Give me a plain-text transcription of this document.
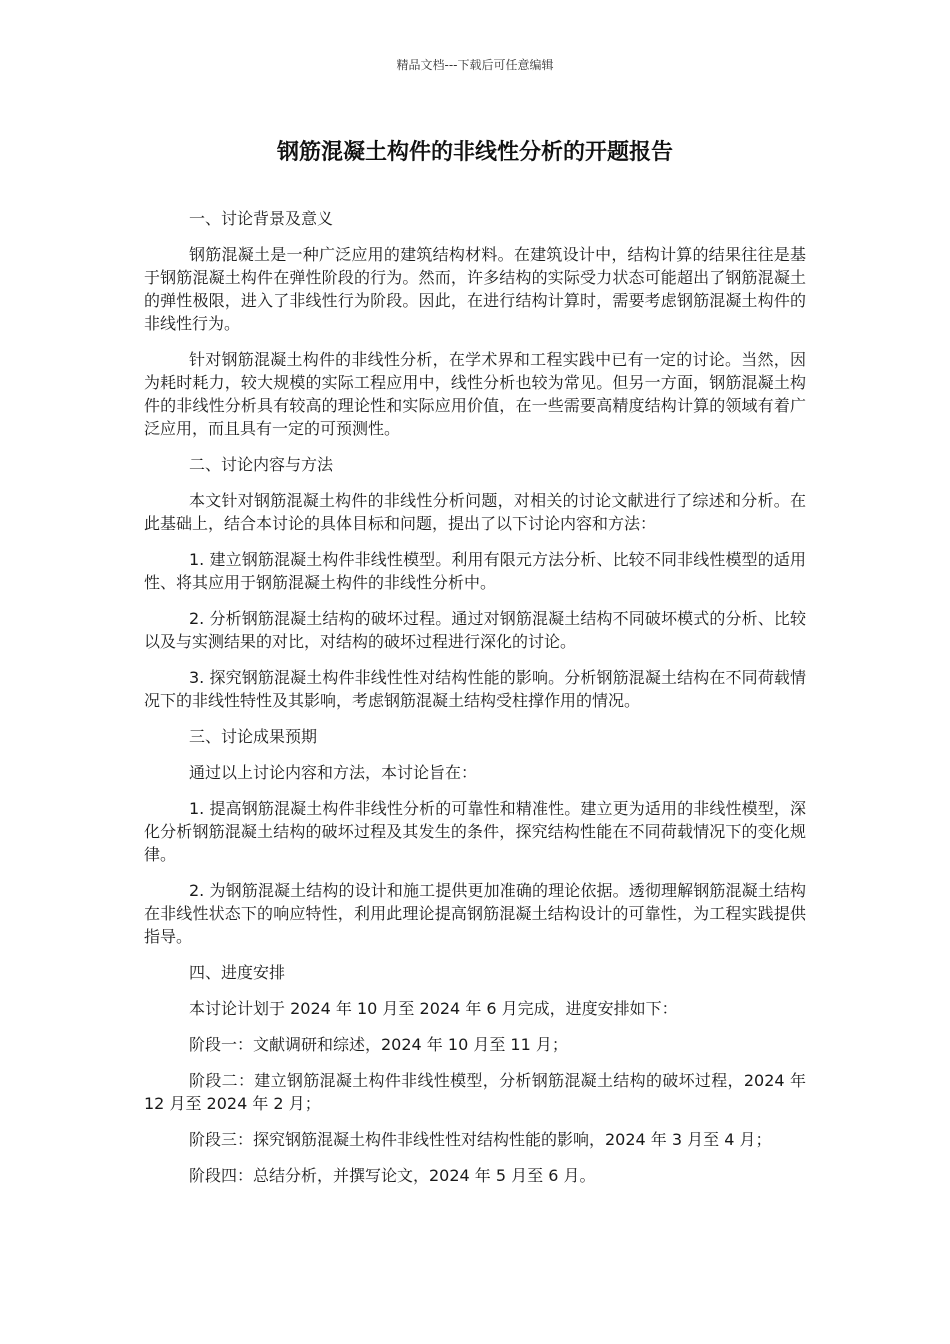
精品文档---下载后可任意编辑
钢筋混凝土构件的非线性分析的开题报告

一、讨论背景及意义

钢筋混凝土是一种广泛应用的建筑结构材料。在建筑设计中，结构计算的结果往往是基于钢筋混凝土构件在弹性阶段的行为。然而，许多结构的实际受力状态可能超出了钢筋混凝土的弹性极限，进入了非线性行为阶段。因此，在进行结构计算时，需要考虑钢筋混凝土构件的非线性行为。

针对钢筋混凝土构件的非线性分析，在学术界和工程实践中已有一定的讨论。当然，因为耗时耗力，较大规模的实际工程应用中，线性分析也较为常见。但另一方面，钢筋混凝土构件的非线性分析具有较高的理论性和实际应用价值，在一些需要高精度结构计算的领域有着广泛应用，而且具有一定的可预测性。

二、讨论内容与方法

本文针对钢筋混凝土构件的非线性分析问题，对相关的讨论文献进行了综述和分析。在此基础上，结合本讨论的具体目标和问题，提出了以下讨论内容和方法：

1. 建立钢筋混凝土构件非线性模型。利用有限元方法分析、比较不同非线性模型的适用性、将其应用于钢筋混凝土构件的非线性分析中。

2. 分析钢筋混凝土结构的破坏过程。通过对钢筋混凝土结构不同破坏模式的分析、比较以及与实测结果的对比，对结构的破坏过程进行深化的讨论。

3. 探究钢筋混凝土构件非线性性对结构性能的影响。分析钢筋混凝土结构在不同荷载情况下的非线性特性及其影响，考虑钢筋混凝土结构受柱撑作用的情况。

三、讨论成果预期

通过以上讨论内容和方法，本讨论旨在：

1. 提高钢筋混凝土构件非线性分析的可靠性和精准性。建立更为适用的非线性模型，深化分析钢筋混凝土结构的破坏过程及其发生的条件，探究结构性能在不同荷载情况下的变化规律。

2. 为钢筋混凝土结构的设计和施工提供更加准确的理论依据。透彻理解钢筋混凝土结构在非线性状态下的响应特性，利用此理论提高钢筋混凝土结构设计的可靠性，为工程实践提供指导。

四、进度安排

本讨论计划于 2024 年 10 月至 2024 年 6 月完成，进度安排如下：

阶段一：文献调研和综述，2024 年 10 月至 11 月；

阶段二：建立钢筋混凝土构件非线性模型，分析钢筋混凝土结构的破坏过程，2024 年 12 月至 2024 年 2 月；

阶段三：探究钢筋混凝土构件非线性性对结构性能的影响，2024 年 3 月至 4 月；

阶段四：总结分析，并撰写论文，2024 年 5 月至 6 月。
